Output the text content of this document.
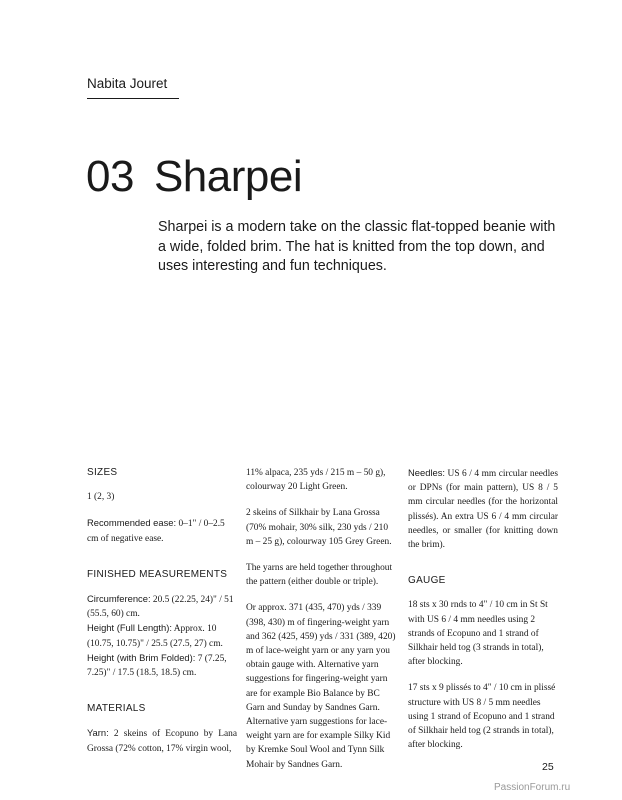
Nabita Jouret
03 Sharpei

Sharpei is a modern take on the classic flat-topped beanie with a wide, folded brim. The hat is knitted from the top down, and uses interesting and fun techniques.

SIZES

1 (2, 3)

Recommended ease: 0–1" / 0–2.5 cm of negative ease.

FINISHED MEASUREMENTS
Circumference: 20.5 (22.25, 24)" / 51 (55.5, 60) cm.
Height (Full Length): Approx. 10 (10.75, 10.75)" / 25.5 (27.5, 27) cm.

Height (with Brim Folded): 7 (7.25, 7.25)" / 17.5 (18.5, 18.5) cm.

MATERIALS

Yarn: 2 skeins of Ecopuno by Lana Grossa (72% cotton, 17% virgin wool,

11% alpaca, 235 yds / 215 m – 50 g), colourway 20 Light Green.

2 skeins of Silkhair by Lana Grossa (70% mohair, 30% silk, 230 yds / 210 m – 25 g), colourway 105 Grey Green.

The yarns are held together throughout the pattern (either double or triple).

Or approx. 371 (435, 470) yds / 339 (398, 430) m of fingering-weight yarn and 362 (425, 459) yds / 331 (389, 420) m of lace-weight yarn or any yarn you obtain gauge with. Alternative yarn suggestions for fingering-weight yarn are for example Bio Balance by BC Garn and Sunday by Sandnes Garn. Alternative yarn suggestions for lace-weight yarn are for example Silky Kid by Kremke Soul Wool and Tynn Silk Mohair by Sandnes Garn.

Needles: US 6 / 4 mm circular needles or DPNs (for main pattern), US 8 / 5 mm circular needles (for the horizontal plissés). An extra US 6 / 4 mm circular needles, or smaller (for knitting down the brim).

GAUGE

18 sts x 30 rnds to 4" / 10 cm in St St with US 6 / 4 mm needles using 2 strands of Ecopuno and 1 strand of Silkhair held tog (3 strands in total), after blocking.

17 sts x 9 plissés to 4" / 10 cm in plissé structure with US 8 / 5 mm needles using 1 strand of Ecopuno and 1 strand of Silkhair held tog (2 strands in total), after blocking.

25
PassionForum.ru
